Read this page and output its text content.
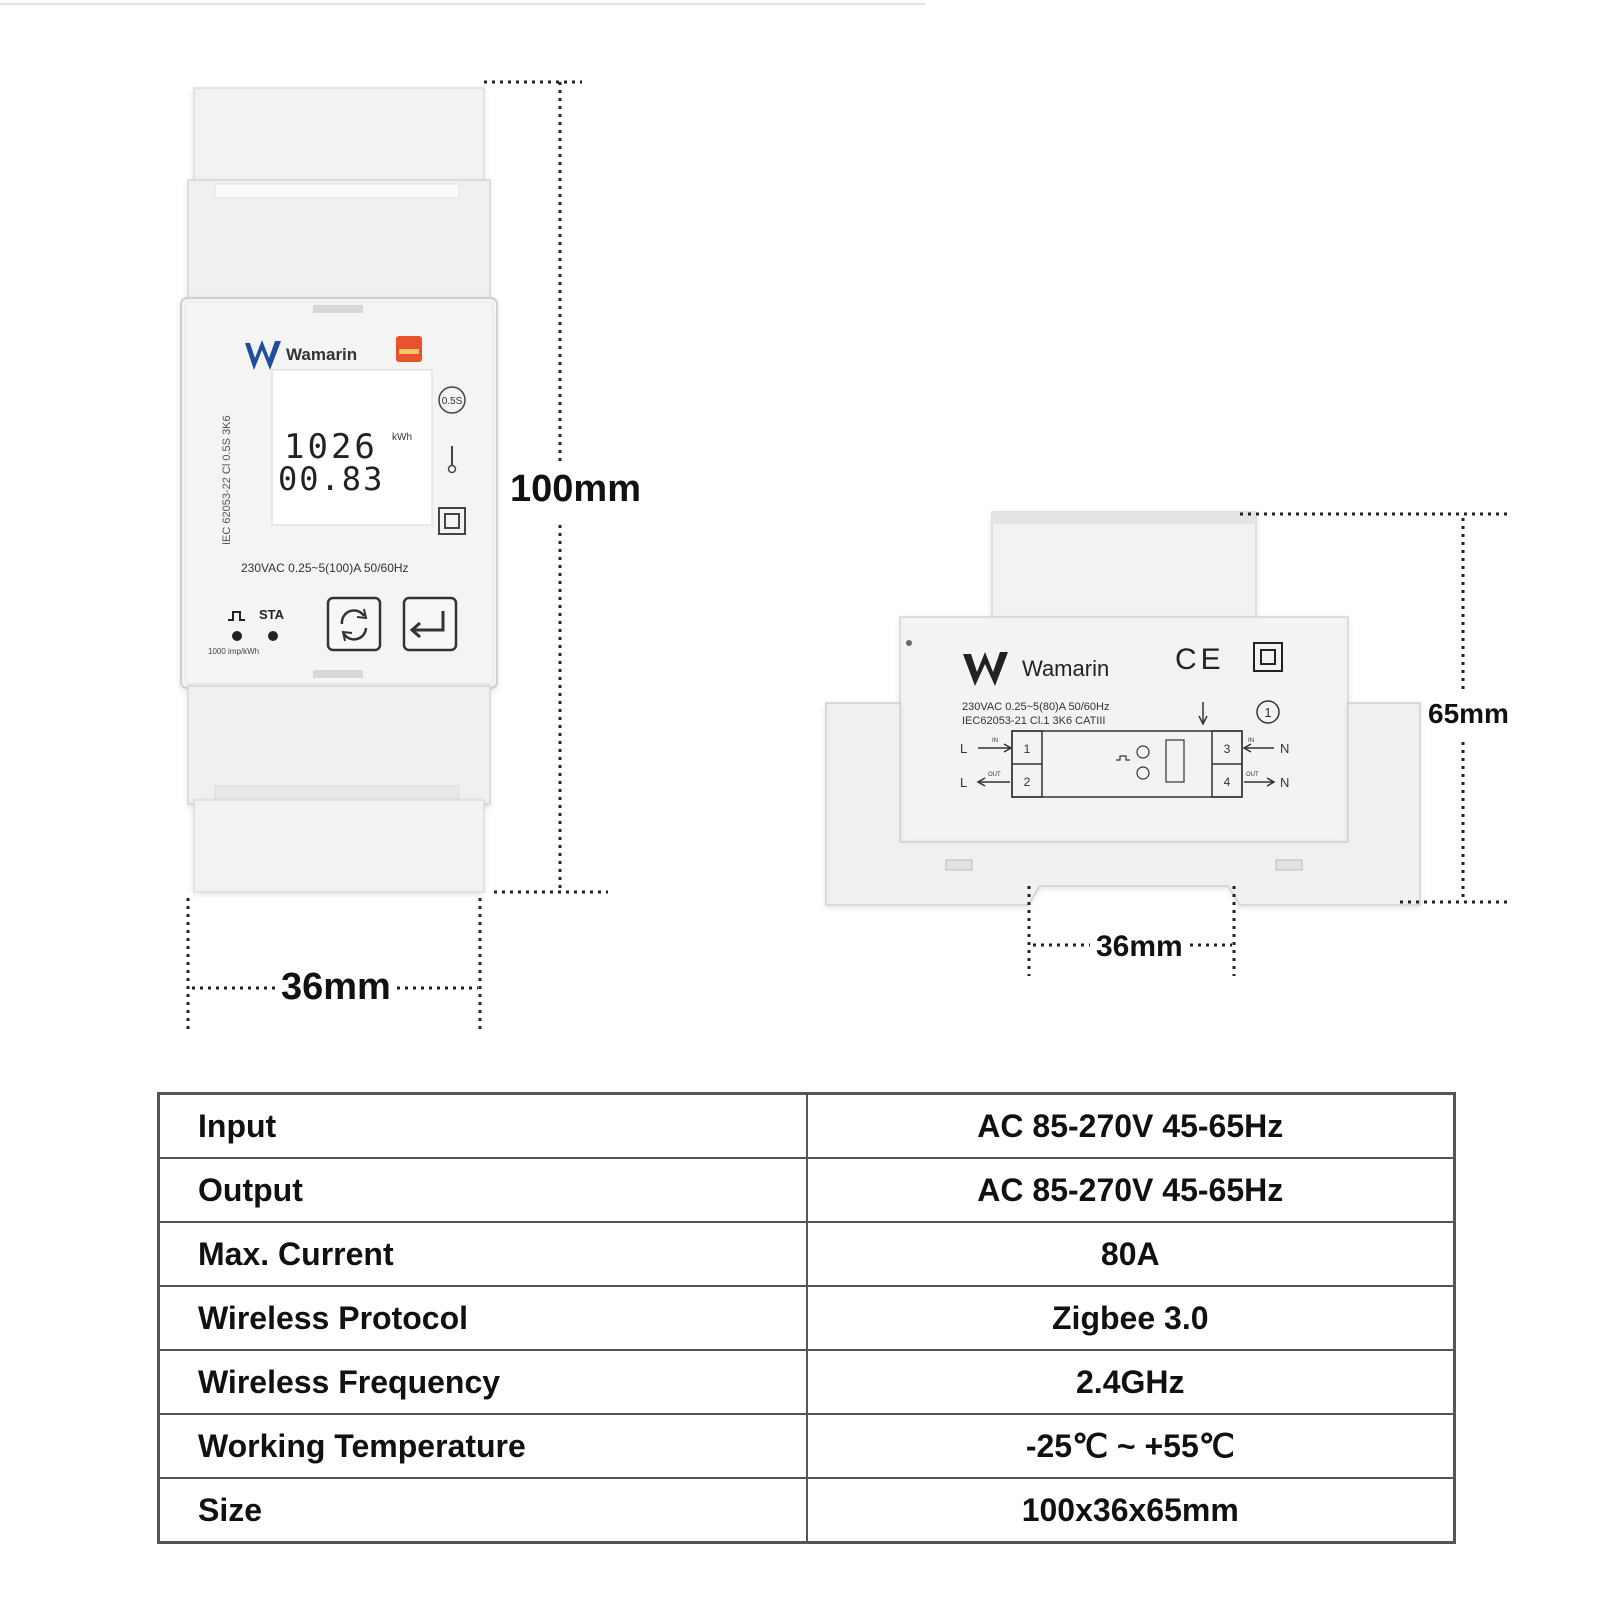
Wamarin
IEC 62053-22 Cl 0.5S 3K6 1026
00.83
kWh
0.5S
230VAC 0.25~5(100)A 50/60Hz
STA
1000 imp/kWh
Wamarin CE
230VAC 0.25~5(80)A 50/60Hz
IEC62053-21 Cl.1 3K6 CATIII
1
1
2
3
4
L
L
N
N
IN
OUT
IN
OUT
100mm
36mm
65mm
36mm
Input	AC 85-270V 45-65Hz
Output	AC 85-270V 45-65Hz
Max. Current	80A
Wireless Protocol	Zigbee 3.0
Wireless Frequency	2.4GHz
Working Temperature	-25℃ ~ +55℃
Size	100x36x65mm
